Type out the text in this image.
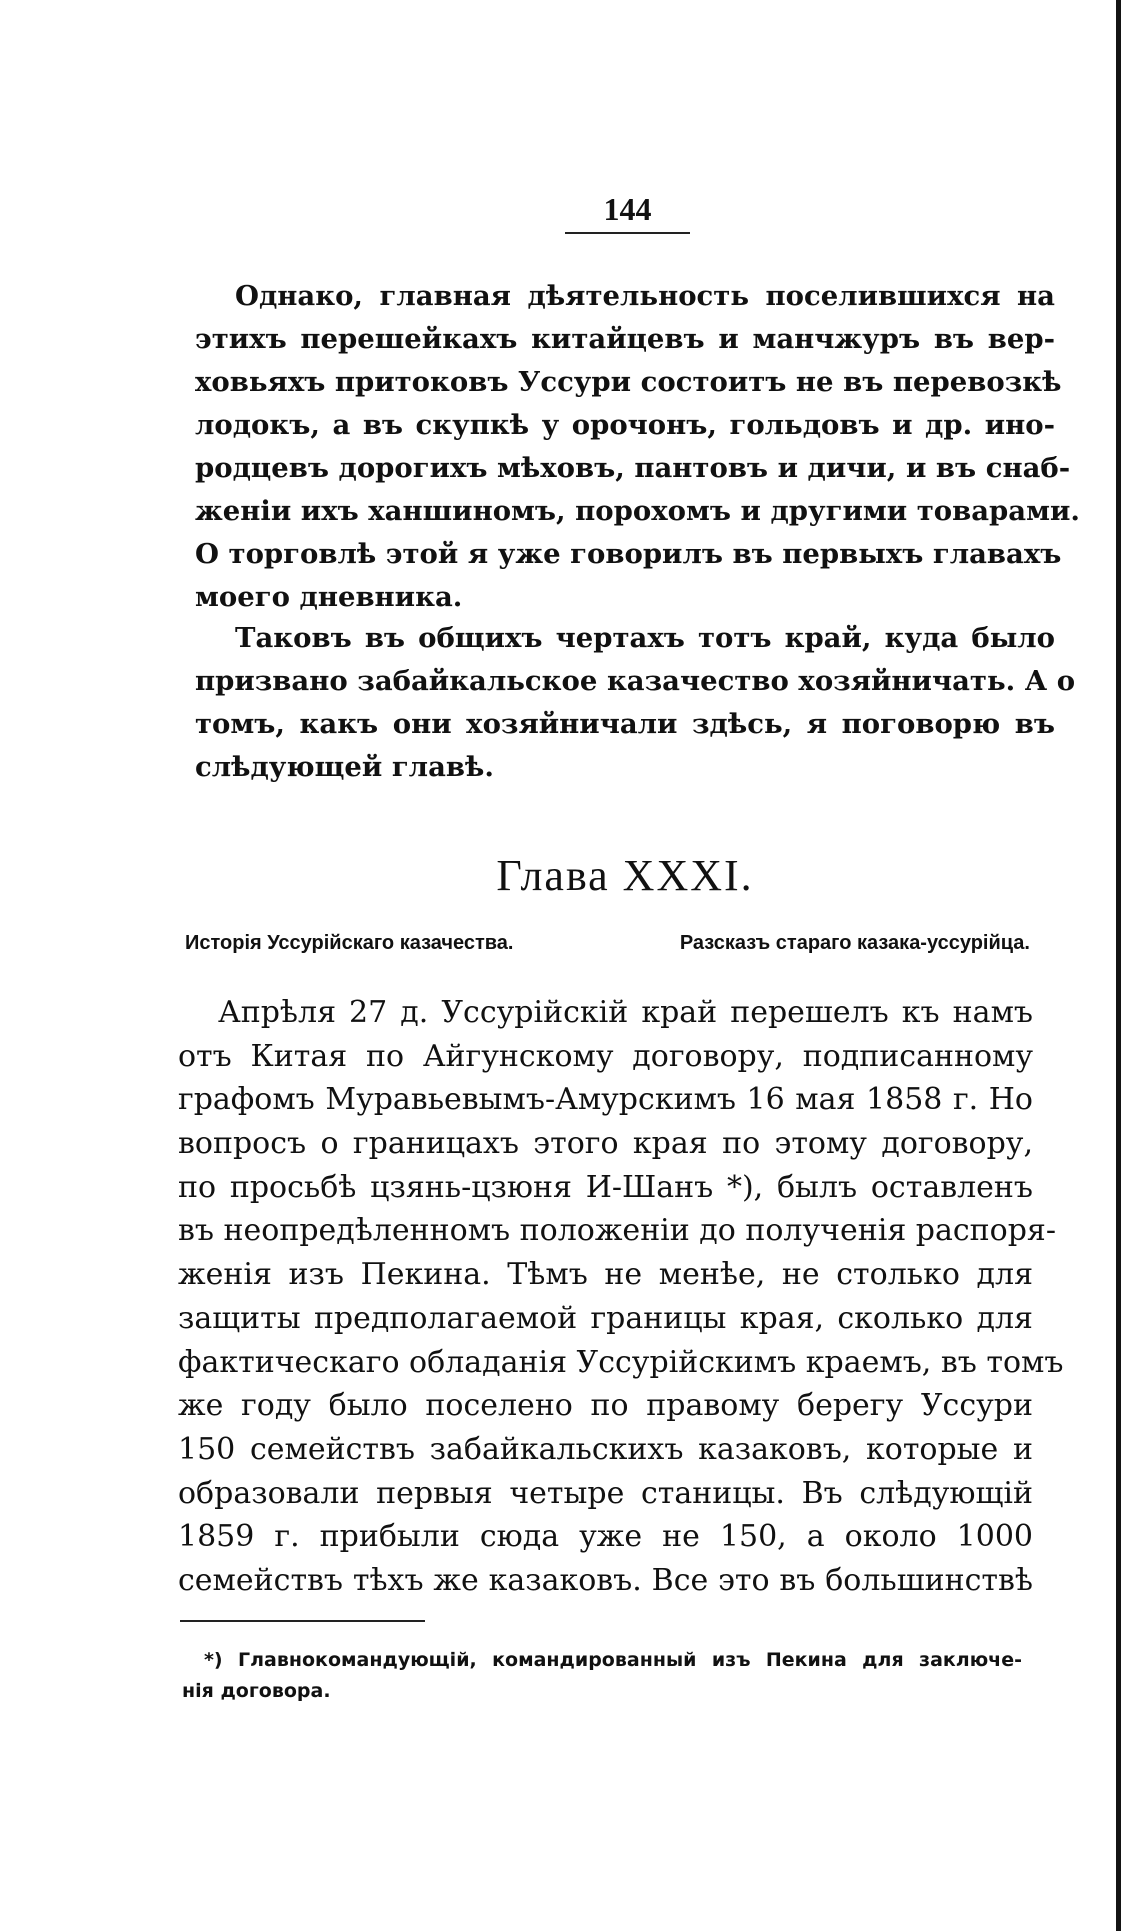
144
Однако, главная дѣятельность поселившихся на
этихъ перешейкахъ китайцевъ и манчжуръ въ вер-
ховьяхъ притоковъ Уссури состоитъ не въ перевозкѣ
лодокъ, а въ скупкѣ у орочонъ, гольдовъ и др. ино-
родцевъ дорогихъ мѣховъ, пантовъ и дичи, и въ снаб-
женіи ихъ ханшиномъ, порохомъ и другими товарами.
О торговлѣ этой я уже говорилъ въ первыхъ главахъ
моего дневника.
Таковъ въ общихъ чертахъ тотъ край, куда было
призвано забайкальское казачество хозяйничать. А о
томъ, какъ они хозяйничали здѣсь, я поговорю въ
слѣдующей главѣ.
Глава XXXI.
Исторія Уссурійскаго казачества.	Разсказъ стараго казака-уссурійца.
Апрѣля 27 д. Уссурійскій край перешелъ къ намъ
отъ Китая по Айгунскому договору, подписанному
графомъ Муравьевымъ-Амурскимъ 16 мая 1858 г. Но
вопросъ о границахъ этого края по этому договору,
по просьбѣ цзянь-цзюня И-Шанъ *), былъ оставленъ
въ неопредѣленномъ положеніи до полученія распоря-
женія изъ Пекина. Тѣмъ не менѣе, не столько для
защиты предполагаемой границы края, сколько для
фактическаго обладанія Уссурійскимъ краемъ, въ томъ
же году было поселено по правому берегу Уссури
150 семействъ забайкальскихъ казаковъ, которые и
образовали первыя четыре станицы. Въ слѣдующій
1859 г. прибыли сюда уже не 150, а около 1000
семействъ тѣхъ же казаковъ. Все это въ большинствѣ
*) Главнокомандующій, командированный изъ Пекина для заключе-
нія договора.
